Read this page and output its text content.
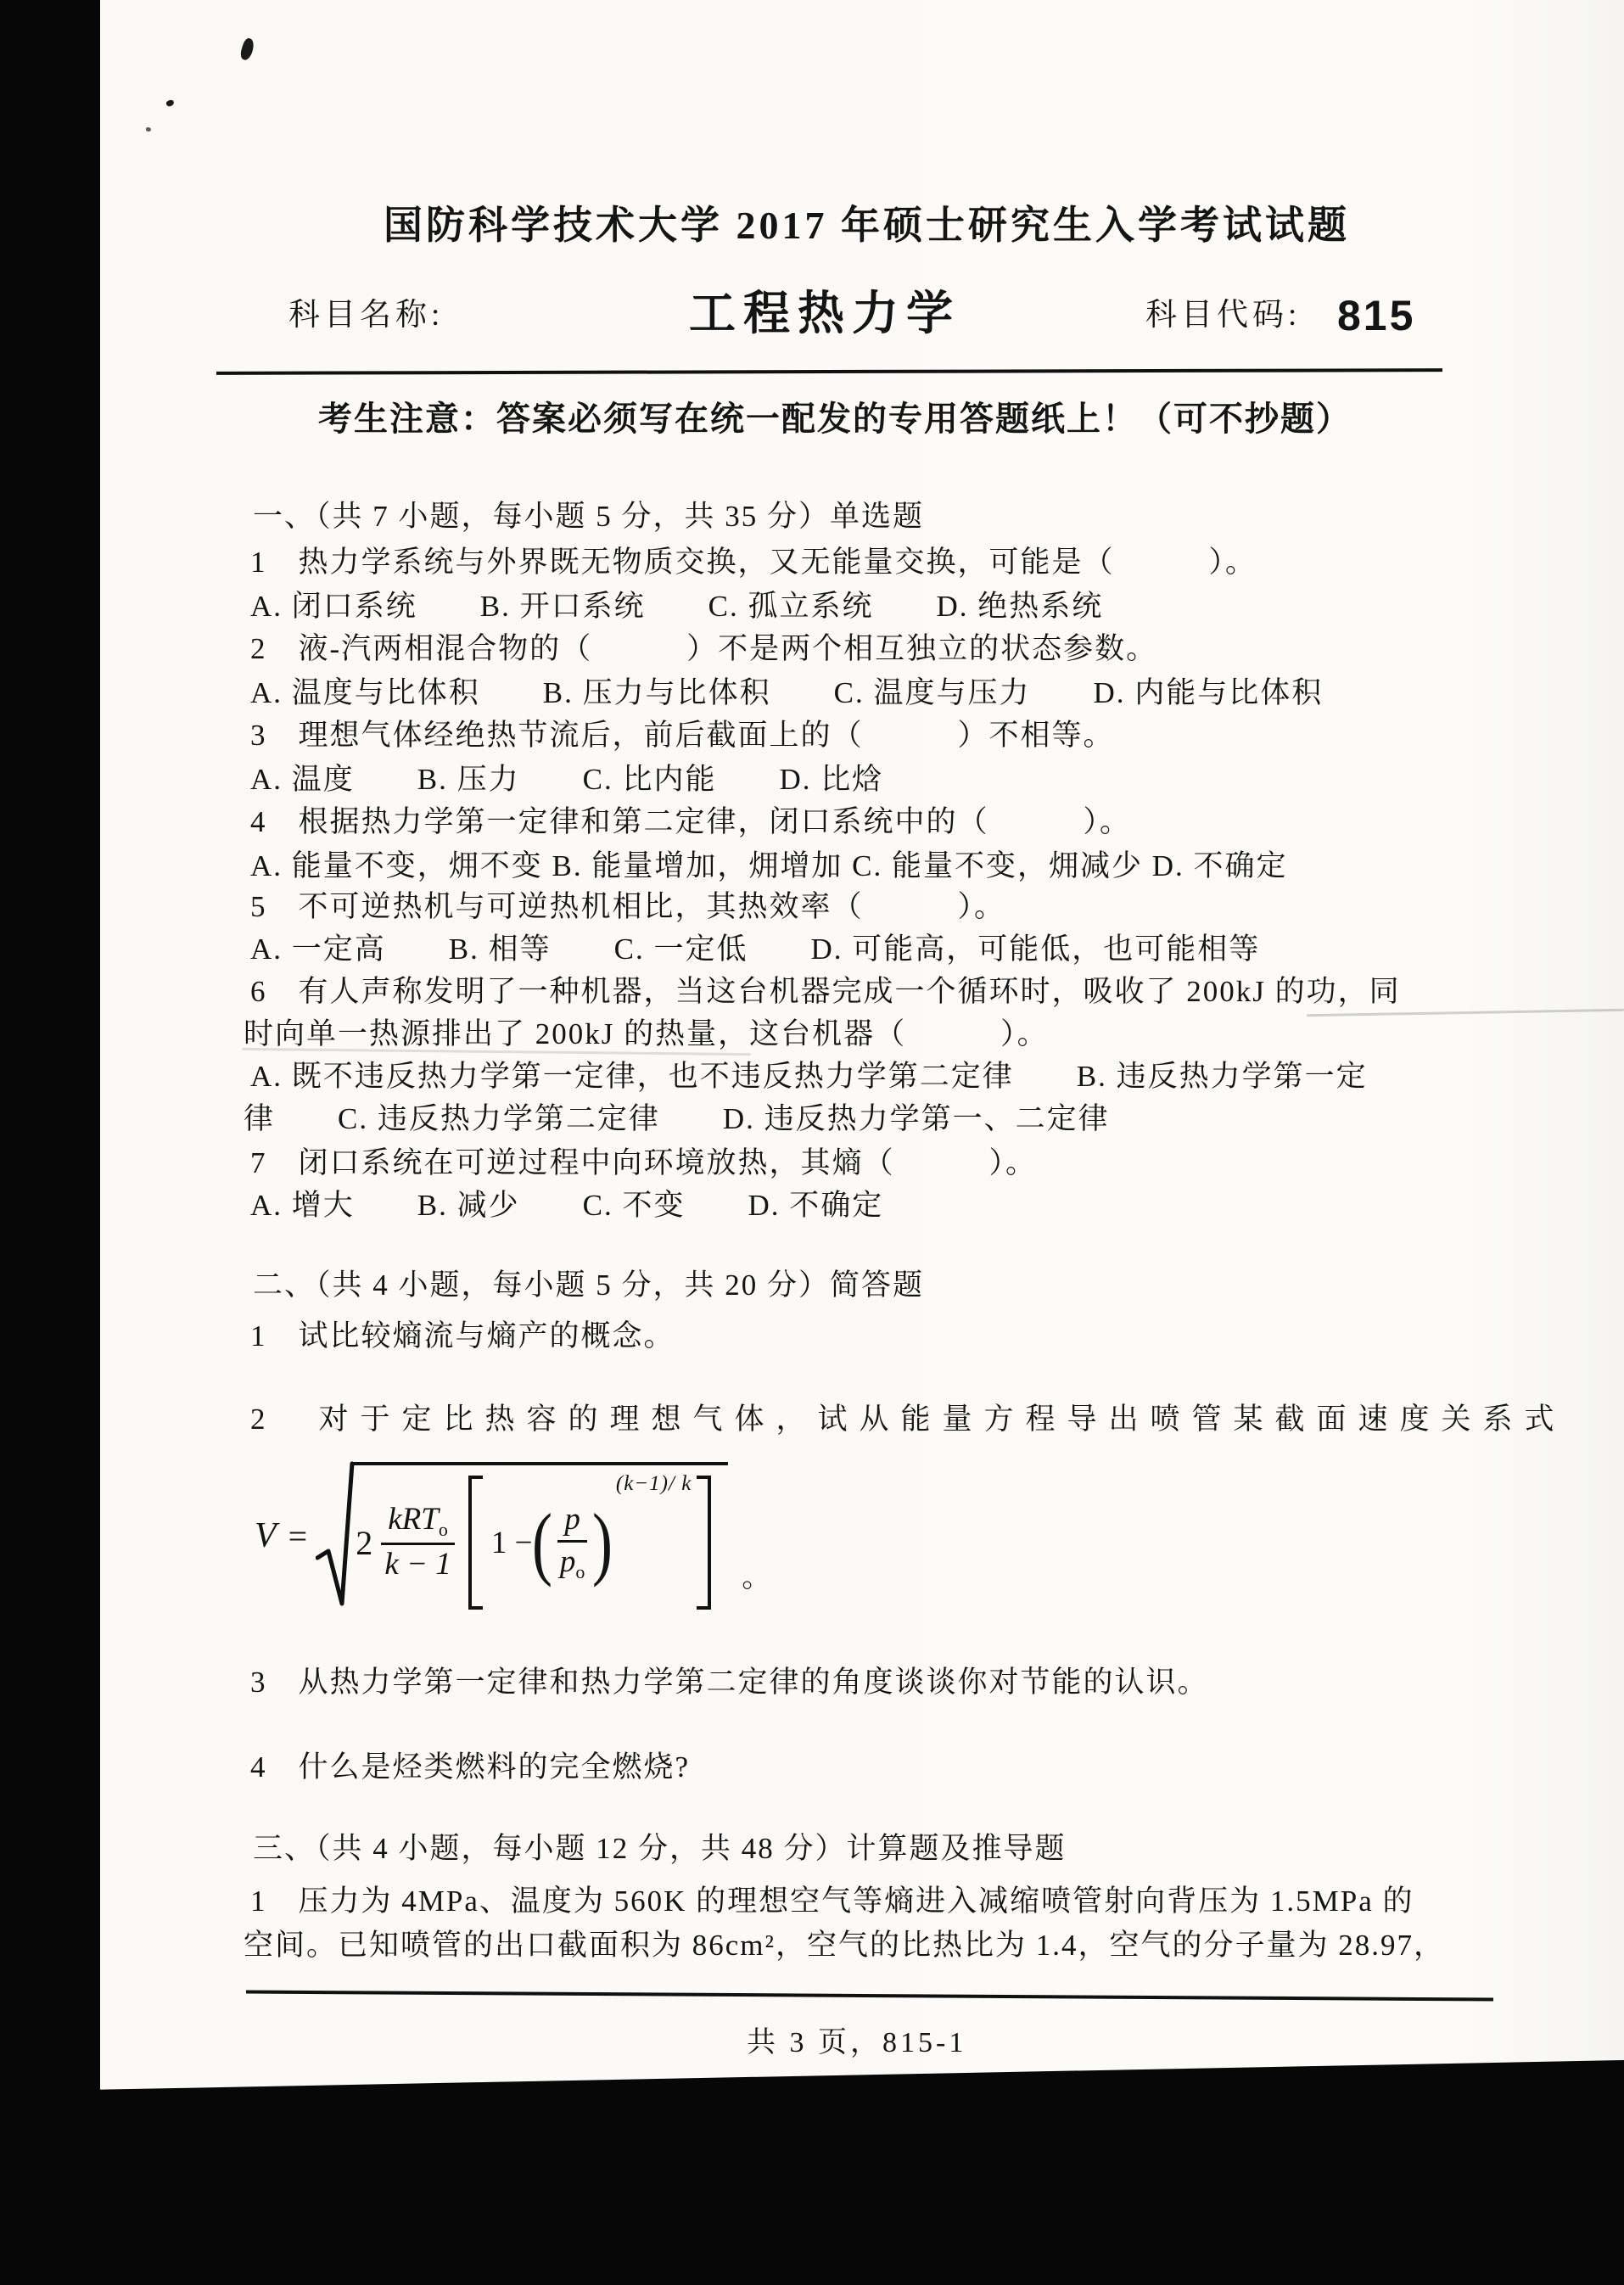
国防科学技术大学 2017 年硕士研究生入学考试试题
科目名称:	工程热力学	科目代码: 815
考生注意：答案必须写在统一配发的专用答题纸上！（可不抄题）
一、（共 7 小题，每小题 5 分，共 35 分）单选题
1　热力学系统与外界既无物质交换，又无能量交换，可能是（　　　）。
A. 闭口系统　　B. 开口系统　　C. 孤立系统　　D. 绝热系统
2　液-汽两相混合物的（　　　）不是两个相互独立的状态参数。
A. 温度与比体积　　B. 压力与比体积　　C. 温度与压力　　D. 内能与比体积
3　理想气体经绝热节流后，前后截面上的（　　　）不相等。
A. 温度　　B. 压力　　C. 比内能　　D. 比焓
4　根据热力学第一定律和第二定律，闭口系统中的（　　　）。
A. 能量不变，㶲不变 B. 能量增加，㶲增加 C. 能量不变，㶲减少 D. 不确定
5　不可逆热机与可逆热机相比，其热效率（　　　）。
A. 一定高　　B. 相等　　C. 一定低　　D. 可能高，可能低，也可能相等
6　有人声称发明了一种机器，当这台机器完成一个循环时，吸收了 200kJ 的功，同
时向单一热源排出了 200kJ 的热量，这台机器（　　　）。
A. 既不违反热力学第一定律，也不违反热力学第二定律　　B. 违反热力学第一定
律　　C. 违反热力学第二定律　　D. 违反热力学第一、二定律
7　闭口系统在可逆过程中向环境放热，其熵（　　　）。
A. 增大　　B. 减少　　C. 不变　　D. 不确定
二、（共 4 小题，每小题 5 分，共 20 分）简答题
1　试比较熵流与熵产的概念。
2　对于定比热容的理想气体，试从能量方程导出喷管某截面速度关系式
$V = 2 \frac{kRT_o}{k - 1} 1$ − ( $\frac{p}{p_o}$ )
(k−1)/ k
。
3　从热力学第一定律和热力学第二定律的角度谈谈你对节能的认识。
4　什么是烃类燃料的完全燃烧?
三、（共 4 小题，每小题 12 分，共 48 分）计算题及推导题
1　压力为 4MPa、温度为 560K 的理想空气等熵进入减缩喷管射向背压为 1.5MPa 的
空间。已知喷管的出口截面积为 86cm²，空气的比热比为 1.4，空气的分子量为 28.97，
共 3 页，815-1
